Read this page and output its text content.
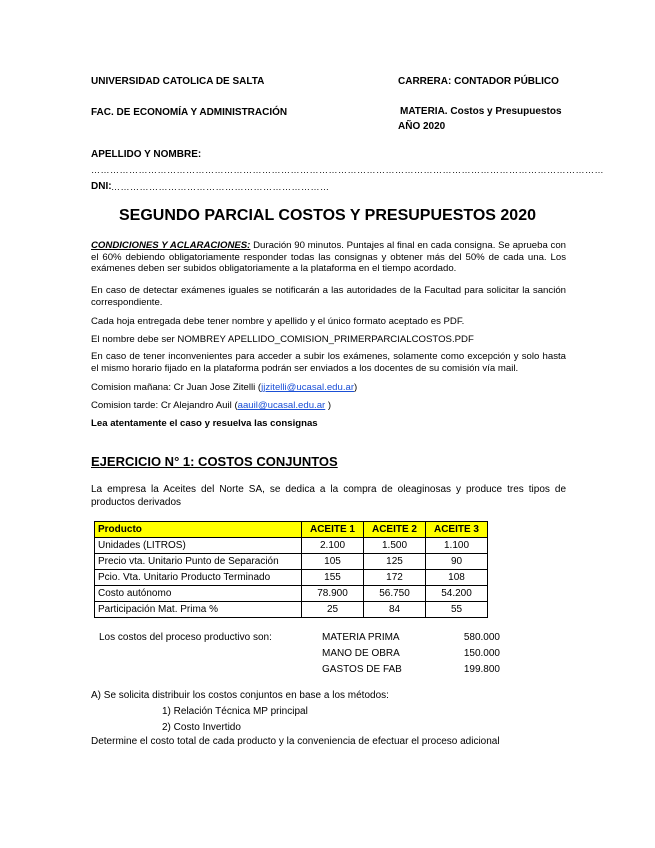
UNIVERSIDAD CATOLICA DE SALTA	CARRERA: CONTADOR PÚBLICO
FAC. DE ECONOMÍA Y ADMINISTRACIÓN	MATERIA. Costos y Presupuestos
AÑO 2020
APELLIDO Y NOMBRE:
………………………………………………………………………………………………………………………………………………
DNI: ……………………………………………………………
SEGUNDO PARCIAL COSTOS Y PRESUPUESTOS 2020
CONDICIONES Y ACLARACIONES: Duración 90 minutos. Puntajes al final en cada consigna. Se aprueba con el 60% debiendo obligatoriamente responder todas las consignas y obtener más del 50% de cada una. Los exámenes deben ser subidos obligatoriamente a la plataforma en el tiempo acordado.
En caso de detectar exámenes iguales se notificarán a las autoridades de la Facultad para solicitar la sanción correspondiente.
Cada hoja entregada debe tener nombre y apellido y el único formato aceptado es PDF.
El nombre debe ser NOMBREY APELLIDO_COMISION_PRIMERPARCIALCOSTOS.PDF
En caso de tener inconvenientes para acceder a subir los exámenes, solamente como excepción y solo hasta el mismo horario fijado en la plataforma podrán ser enviados a los docentes de su comisión vía mail.
Comision mañana: Cr Juan Jose Zitelli (jjzitelli@ucasal.edu.ar)
Comision tarde: Cr Alejandro Auil (aauil@ucasal.edu.ar )
Lea atentamente el caso y resuelva las consignas
EJERCICIO N° 1: COSTOS CONJUNTOS
La empresa la Aceites del Norte SA, se dedica a la compra de oleaginosas y produce tres tipos de productos derivados
Producto	ACEITE 1	ACEITE 2	ACEITE 3
Unidades (LITROS)	2.100	1.500	1.100
Precio vta. Unitario Punto de Separación	105	125	90
Pcio. Vta. Unitario Producto Terminado	155	172	108
Costo autónomo	78.900	56.750	54.200
Participación Mat. Prima %	25	84	55
Los costos del proceso productivo son:	MATERIA PRIMA	580.000
MANO DE OBRA	150.000
GASTOS DE FAB	199.800
A) Se solicita distribuir los costos conjuntos en base a los métodos:
1) Relación Técnica MP principal
2) Costo Invertido
Determine el costo total de cada producto y la conveniencia de efectuar el proceso adicional
